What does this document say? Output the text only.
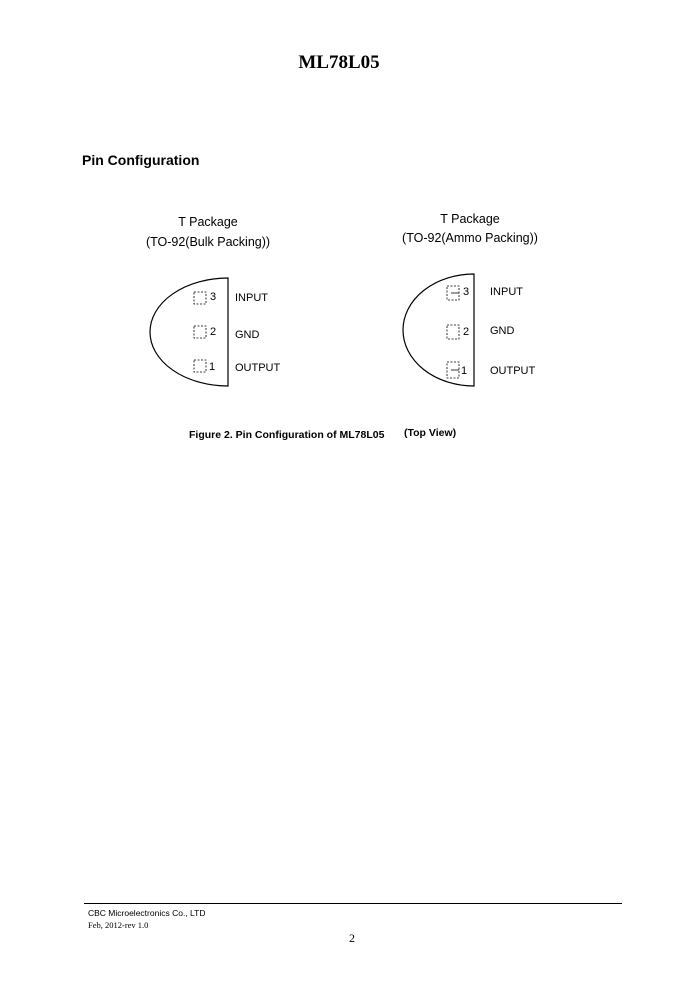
ML78L05
Pin Configuration
T Package
(TO-92(Bulk Packing))
T Package
(TO-92(Ammo Packing))
3 INPUT
2 GND
1 OUTPUT
3 INPUT
2 GND
1 OUTPUT
Figure 2. Pin Configuration of ML78L05 (Top View)
CBC Microelectronics Co., LTD
Feb, 2012-rev 1.0
2
